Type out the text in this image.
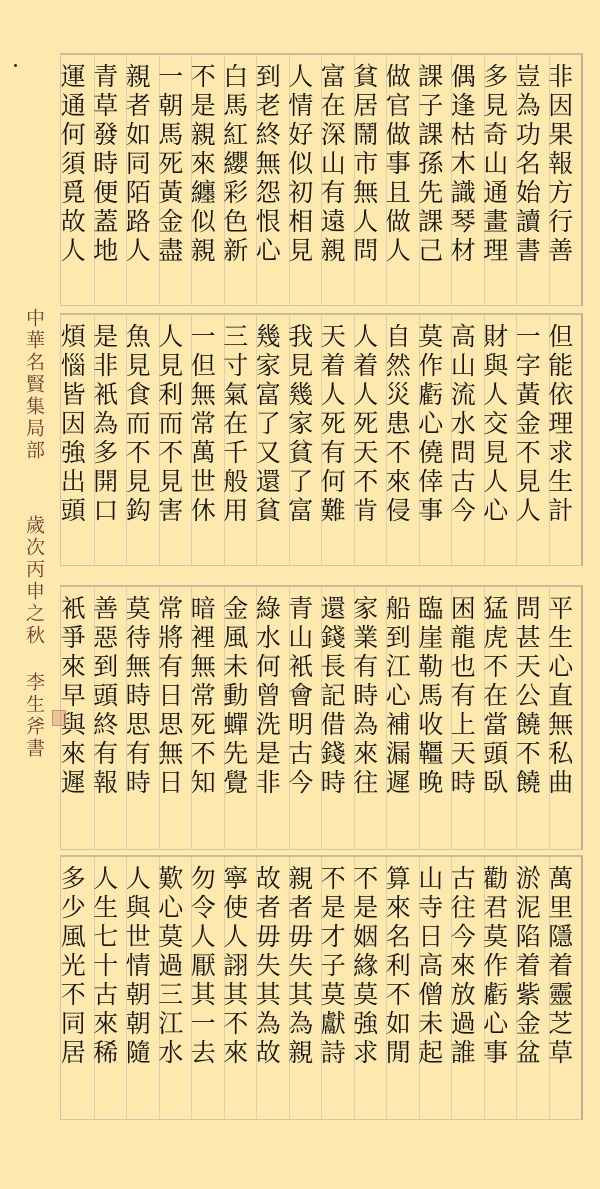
非因果報方行善
豈為功名始讀書
多見奇山通畫理
偶逢枯木識琴材
課子課孫先課己
做官做事且做人
貧居鬧市無人問
富在深山有遠親
人情好似初相見
到老終無怨恨心
白馬紅纓彩色新
不是親來纏似親
一朝馬死黃金盡
親者如同陌路人
青草發時便蓋地
運通何須覓故人
但能依理求生計
一字黃金不見人
財與人交見人心
高山流水問古今
莫作虧心僥倖事
自然災患不來侵
人着人死天不肯
天着人死有何難
我見幾家貧了富
幾家富了又還貧
三寸氣在千般用
一但無常萬世休
人見利而不見害
魚見食而不見鈎
是非衹為多開口
煩惱皆因強出頭
平生心直無私曲
問甚天公饒不饒
猛虎不在當頭臥
困龍也有上天時
臨崖勒馬收韁晚
船到江心補漏遲
家業有時為來往
還錢長記借錢時
青山衹會明古今
綠水何曾洗是非
金風未動蟬先覺
暗裡無常死不知
常將有日思無日
莫待無時思有時
善惡到頭終有報
衹爭來早與來遲
萬里隱着靈芝草
淤泥陷着紫金盆
勸君莫作虧心事
古往今來放過誰
山寺日高僧未起
算來名利不如閒
不是姻緣莫強求
不是才子莫獻詩
親者毋失其為親
故者毋失其為故
寧使人詡其不來
勿令人厭其一去
歎心莫過三江水
人與世情朝朝隨
人生七十古來稀
多少風光不同居
中華名賢集局部
歲次丙申之秋 李生斧書
